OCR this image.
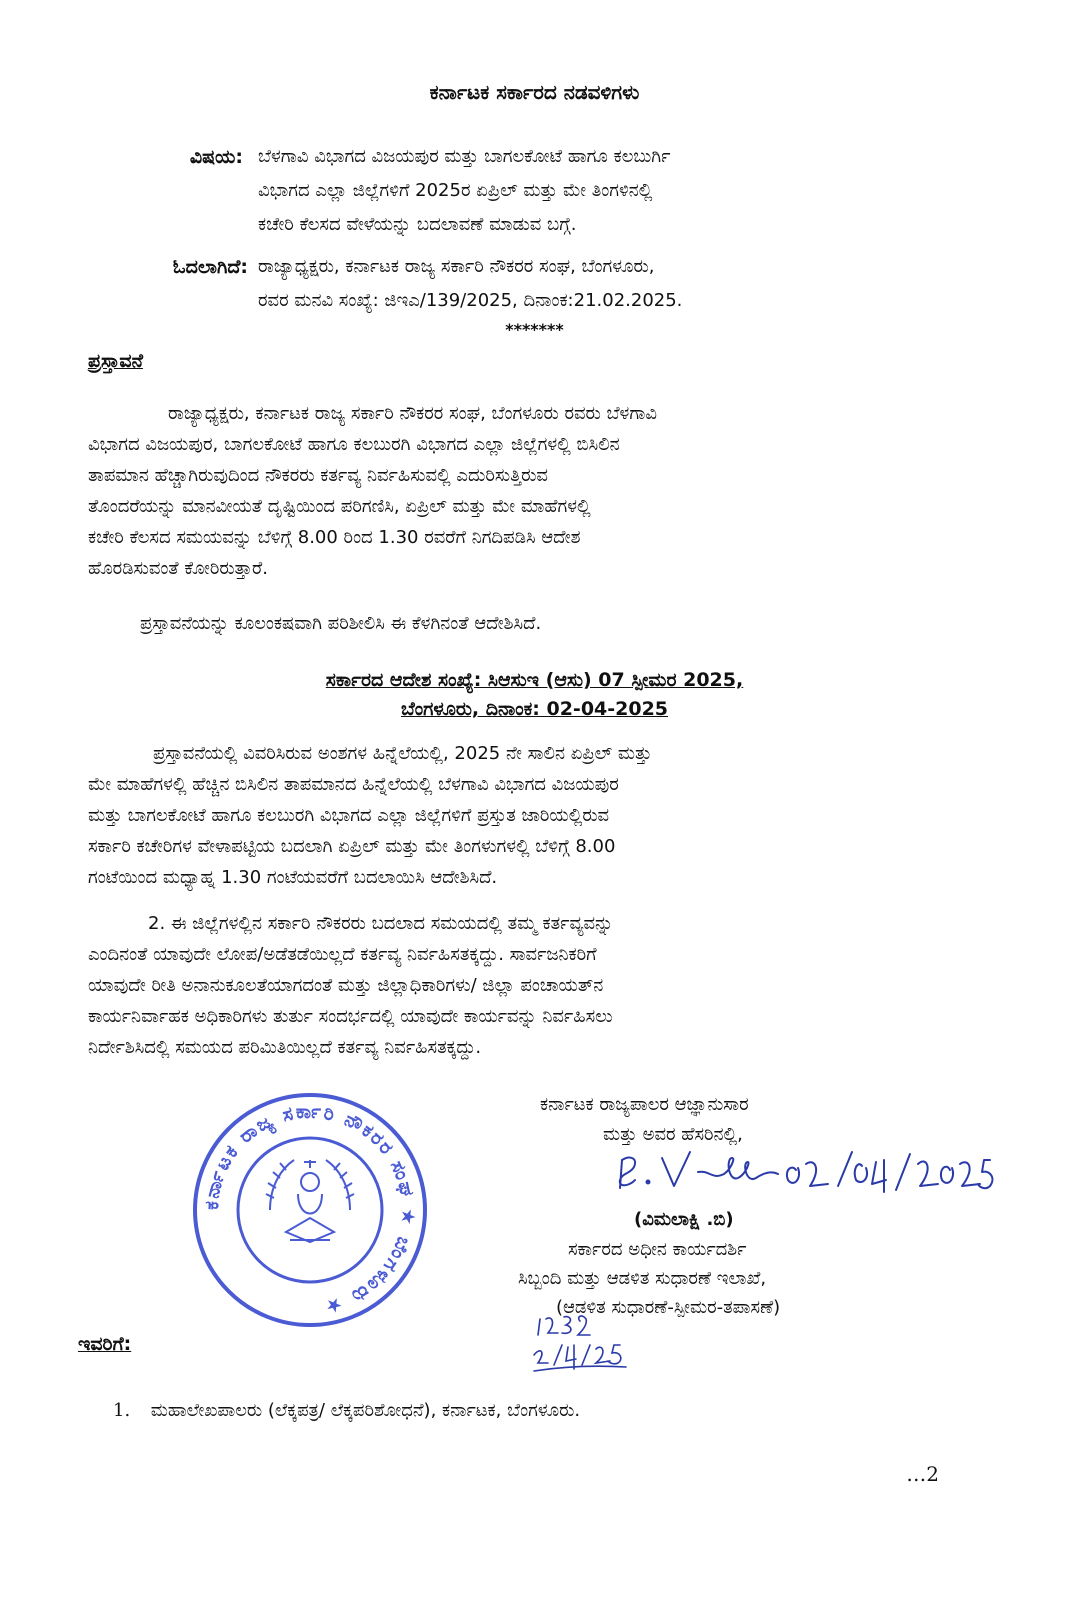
ಕರ್ನಾಟಕ ಸರ್ಕಾರದ ನಡವಳಿಗಳು
ವಿಷಯ: ಬೆಳಗಾವಿ ವಿಭಾಗದ ವಿಜಯಪುರ ಮತ್ತು ಬಾಗಲಕೋಟೆ ಹಾಗೂ ಕಲಬುರ್ಗಿ
ವಿಭಾಗದ ಎಲ್ಲಾ ಜಿಲ್ಲೆಗಳಿಗೆ 2025ರ ಏಪ್ರಿಲ್ ಮತ್ತು ಮೇ ತಿಂಗಳಿನಲ್ಲಿ
ಕಚೇರಿ ಕೆಲಸದ ವೇಳೆಯನ್ನು ಬದಲಾವಣೆ ಮಾಡುವ ಬಗ್ಗೆ.
ಓದಲಾಗಿದೆ: ರಾಜ್ಯಾಧ್ಯಕ್ಷರು, ಕರ್ನಾಟಕ ರಾಜ್ಯ ಸರ್ಕಾರಿ ನೌಕರರ ಸಂಘ, ಬೆಂಗಳೂರು,
ರವರ ಮನವಿ ಸಂಖ್ಯೆ: ಜಿಇಎ/139/2025, ದಿನಾಂಕ:21.02.2025.
*******
ಪ್ರಸ್ತಾವನೆ
ರಾಜ್ಯಾಧ್ಯಕ್ಷರು, ಕರ್ನಾಟಕ ರಾಜ್ಯ ಸರ್ಕಾರಿ ನೌಕರರ ಸಂಘ, ಬೆಂಗಳೂರು ರವರು ಬೆಳಗಾವಿ
ವಿಭಾಗದ ವಿಜಯಪುರ, ಬಾಗಲಕೋಟೆ ಹಾಗೂ ಕಲಬುರಗಿ ವಿಭಾಗದ ಎಲ್ಲಾ ಜಿಲ್ಲೆಗಳಲ್ಲಿ ಬಿಸಿಲಿನ
ತಾಪಮಾನ ಹೆಚ್ಚಾಗಿರುವುದಿಂದ ನೌಕರರು ಕರ್ತವ್ಯ ನಿರ್ವಹಿಸುವಲ್ಲಿ ಎದುರಿಸುತ್ತಿರುವ
ತೊಂದರೆಯನ್ನು ಮಾನವೀಯತೆ ದೃಷ್ಟಿಯಿಂದ ಪರಿಗಣಿಸಿ, ಏಪ್ರಿಲ್ ಮತ್ತು ಮೇ ಮಾಹೆಗಳಲ್ಲಿ
ಕಚೇರಿ ಕೆಲಸದ ಸಮಯವನ್ನು ಬೆಳಿಗ್ಗೆ 8.00 ರಿಂದ 1.30 ರವರೆಗೆ ನಿಗದಿಪಡಿಸಿ ಆದೇಶ
ಹೊರಡಿಸುವಂತೆ ಕೋರಿರುತ್ತಾರೆ.
ಪ್ರಸ್ತಾವನೆಯನ್ನು ಕೂಲಂಕಷವಾಗಿ ಪರಿಶೀಲಿಸಿ ಈ ಕೆಳಗಿನಂತೆ ಆದೇಶಿಸಿದೆ.
ಸರ್ಕಾರದ ಆದೇಶ ಸಂಖ್ಯೆ: ಸಿಆಸುಇ (ಆಸು) 07 ಸ್ಪೀಮರ 2025,
ಬೆಂಗಳೂರು, ದಿನಾಂಕ: 02-04-2025
ಪ್ರಸ್ತಾವನೆಯಲ್ಲಿ ವಿವರಿಸಿರುವ ಅಂಶಗಳ ಹಿನ್ನೆಲೆಯಲ್ಲಿ, 2025 ನೇ ಸಾಲಿನ ಏಪ್ರಿಲ್ ಮತ್ತು
ಮೇ ಮಾಹೆಗಳಲ್ಲಿ ಹೆಚ್ಚಿನ ಬಿಸಿಲಿನ ತಾಪಮಾನದ ಹಿನ್ನೆಲೆಯಲ್ಲಿ ಬೆಳಗಾವಿ ವಿಭಾಗದ ವಿಜಯಪುರ
ಮತ್ತು ಬಾಗಲಕೋಟೆ ಹಾಗೂ ಕಲಬುರಗಿ ವಿಭಾಗದ ಎಲ್ಲಾ ಜಿಲ್ಲೆಗಳಿಗೆ ಪ್ರಸ್ತುತ ಜಾರಿಯಲ್ಲಿರುವ
ಸರ್ಕಾರಿ ಕಚೇರಿಗಳ ವೇಳಾಪಟ್ಟಿಯ ಬದಲಾಗಿ ಏಪ್ರಿಲ್ ಮತ್ತು ಮೇ ತಿಂಗಳುಗಳಲ್ಲಿ ಬೆಳಿಗ್ಗೆ 8.00
ಗಂಟೆಯಿಂದ ಮಧ್ಯಾಹ್ನ 1.30 ಗಂಟೆಯವರೆಗೆ ಬದಲಾಯಿಸಿ ಆದೇಶಿಸಿದೆ.
2. ಈ ಜಿಲ್ಲೆಗಳಲ್ಲಿನ ಸರ್ಕಾರಿ ನೌಕರರು ಬದಲಾದ ಸಮಯದಲ್ಲಿ ತಮ್ಮ ಕರ್ತವ್ಯವನ್ನು
ಎಂದಿನಂತೆ ಯಾವುದೇ ಲೋಪ/ಅಡೆತಡೆಯಿಲ್ಲದೆ ಕರ್ತವ್ಯ ನಿರ್ವಹಿಸತಕ್ಕದ್ದು. ಸಾರ್ವಜನಿಕರಿಗೆ
ಯಾವುದೇ ರೀತಿ ಅನಾನುಕೂಲತೆಯಾಗದಂತೆ ಮತ್ತು ಜಿಲ್ಲಾಧಿಕಾರಿಗಳು/ ಜಿಲ್ಲಾ ಪಂಚಾಯತ್‌ನ
ಕಾರ್ಯನಿರ್ವಾಹಕ ಅಧಿಕಾರಿಗಳು ತುರ್ತು ಸಂದರ್ಭದಲ್ಲಿ ಯಾವುದೇ ಕಾರ್ಯವನ್ನು ನಿರ್ವಹಿಸಲು
ನಿರ್ದೇಶಿಸಿದಲ್ಲಿ ಸಮಯದ ಪರಿಮಿತಿಯಿಲ್ಲದೆ ಕರ್ತವ್ಯ ನಿರ್ವಹಿಸತಕ್ಕದ್ದು.
ಕರ್ನಾಟಕ ರಾಜ್ಯಪಾಲರ ಆಜ್ಞಾನುಸಾರ
ಮತ್ತು ಅವರ ಹೆಸರಿನಲ್ಲಿ,
(ವಿಮಲಾಕ್ಷಿ .ಬಿ)
ಸರ್ಕಾರದ ಅಧೀನ ಕಾರ್ಯದರ್ಶಿ
ಸಿಬ್ಬಂದಿ ಮತ್ತು ಆಡಳಿತ ಸುಧಾರಣೆ ಇಲಾಖೆ,
(ಆಡಳಿತ ಸುಧಾರಣೆ-ಸ್ಪೀಮರ-ತಪಾಸಣೆ)
ಕರ್ನಾಟಕ ರಾಜ್ಯ ಸರ್ಕಾರಿ ನೌಕರರ ಸಂಘ ★ ಬೆಂಗಳೂರು ★
ಇವರಿಗೆ:
1. ಮಹಾಲೇಖಪಾಲರು (ಲೆಕ್ಕಪತ್ರ/ ಲೆಕ್ಕಪರಿಶೋಧನೆ), ಕರ್ನಾಟಕ, ಬೆಂಗಳೂರು.
…2
